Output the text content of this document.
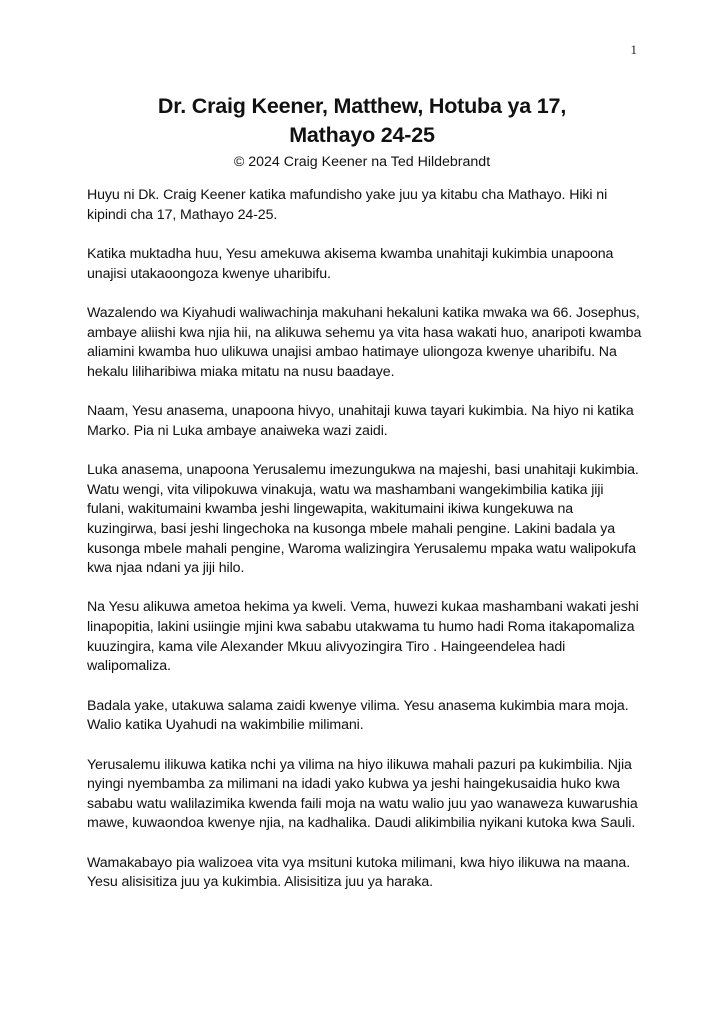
1
Dr. Craig Keener, Matthew, Hotuba ya 17,
Mathayo 24-25

© 2024 Craig Keener na Ted Hildebrandt

Huyu ni Dk. Craig Keener katika mafundisho yake juu ya kitabu cha Mathayo. Hiki ni kipindi cha 17, Mathayo 24-25.

Katika muktadha huu, Yesu amekuwa akisema kwamba unahitaji kukimbia unapoona unajisi utakaoongoza kwenye uharibifu.

Wazalendo wa Kiyahudi waliwachinja makuhani hekaluni katika mwaka wa 66. Josephus, ambaye aliishi kwa njia hii, na alikuwa sehemu ya vita hasa wakati huo, anaripoti kwamba aliamini kwamba huo ulikuwa unajisi ambao hatimaye uliongoza kwenye uharibifu. Na hekalu liliharibiwa miaka mitatu na nusu baadaye.

Naam, Yesu anasema, unapoona hivyo, unahitaji kuwa tayari kukimbia. Na hiyo ni katika Marko. Pia ni Luka ambaye anaiweka wazi zaidi.

Luka anasema, unapoona Yerusalemu imezungukwa na majeshi, basi unahitaji kukimbia. Watu wengi, vita vilipokuwa vinakuja, watu wa mashambani wangekimbilia katika jiji fulani, wakitumaini kwamba jeshi lingewapita, wakitumaini ikiwa kungekuwa na kuzingirwa, basi jeshi lingechoka na kusonga mbele mahali pengine. Lakini badala ya kusonga mbele mahali pengine, Waroma walizingira Yerusalemu mpaka watu walipokufa kwa njaa ndani ya jiji hilo.

Na Yesu alikuwa ametoa hekima ya kweli. Vema, huwezi kukaa mashambani wakati jeshi linapopitia, lakini usiingie mjini kwa sababu utakwama tu humo hadi Roma itakapomaliza kuuzingira, kama vile Alexander Mkuu alivyozingira Tiro . Haingeendelea hadi walipomaliza.

Badala yake, utakuwa salama zaidi kwenye vilima. Yesu anasema kukimbia mara moja. Walio katika Uyahudi na wakimbilie milimani.

Yerusalemu ilikuwa katika nchi ya vilima na hiyo ilikuwa mahali pazuri pa kukimbilia. Njia nyingi nyembamba za milimani na idadi yako kubwa ya jeshi haingekusaidia huko kwa sababu watu walilazimika kwenda faili moja na watu walio juu yao wanaweza kuwarushia mawe, kuwaondoa kwenye njia, na kadhalika. Daudi alikimbilia nyikani kutoka kwa Sauli.

Wamakabayo pia walizoea vita vya msituni kutoka milimani, kwa hiyo ilikuwa na maana. Yesu alisisitiza juu ya kukimbia. Alisisitiza juu ya haraka.
